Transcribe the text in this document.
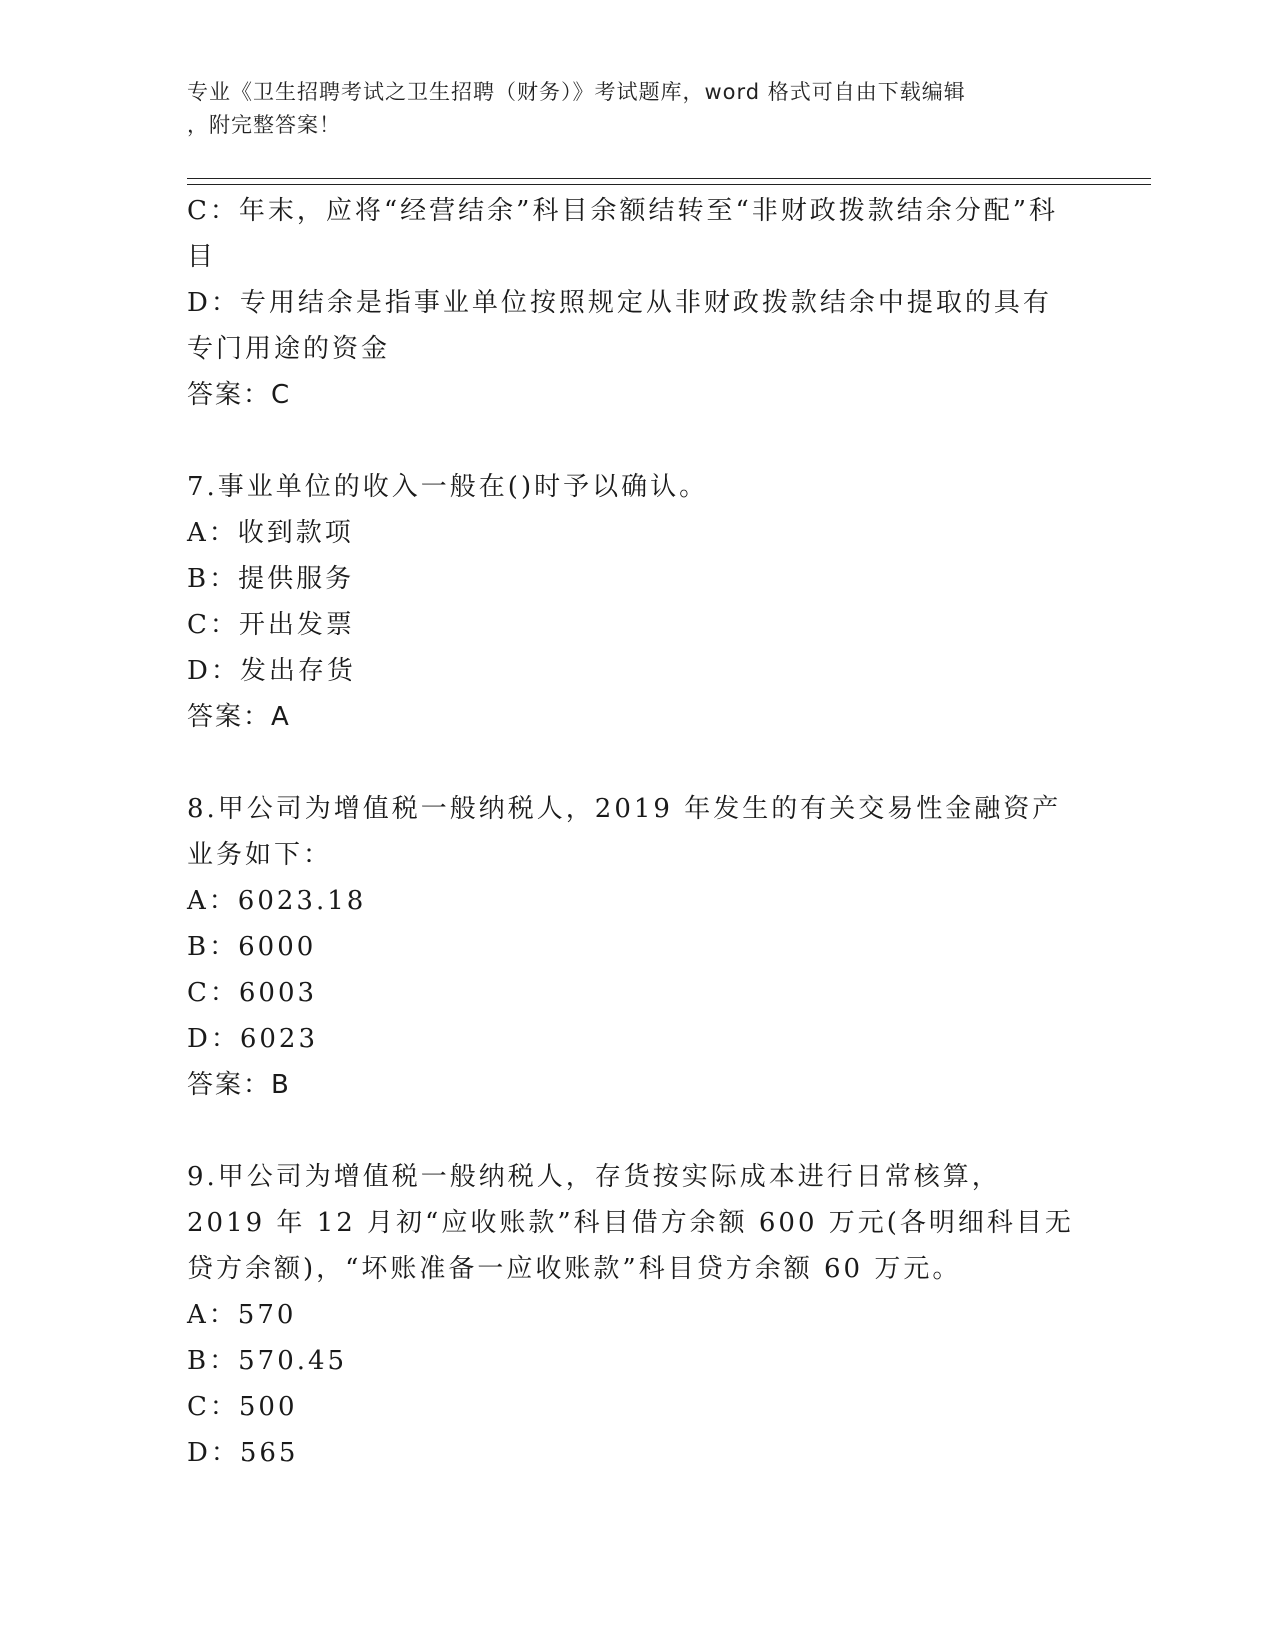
专业《卫生招聘考试之卫生招聘（财务）》考试题库，word 格式可自由下载编辑
，附完整答案！
C：年末，应将“经营结余”科目余额结转至“非财政拨款结余分配”科目
D：专用结余是指事业单位按照规定从非财政拨款结余中提取的具有专门用途的资金
答案：C
7.事业单位的收入一般在()时予以确认。
A：收到款项
B：提供服务
C：开出发票
D：发出存货
答案：A
8.甲公司为增值税一般纳税人，2019 年发生的有关交易性金融资产业务如下：
A：6023.18
B：6000
C：6003
D：6023
答案：B
9.甲公司为增值税一般纳税人，存货按实际成本进行日常核算，2019 年 12 月初“应收账款”科目借方余额 600 万元(各明细科目无贷方余额)，“坏账准备一应收账款”科目贷方余额 60 万元。
A：570
B：570.45
C：500
D：565
